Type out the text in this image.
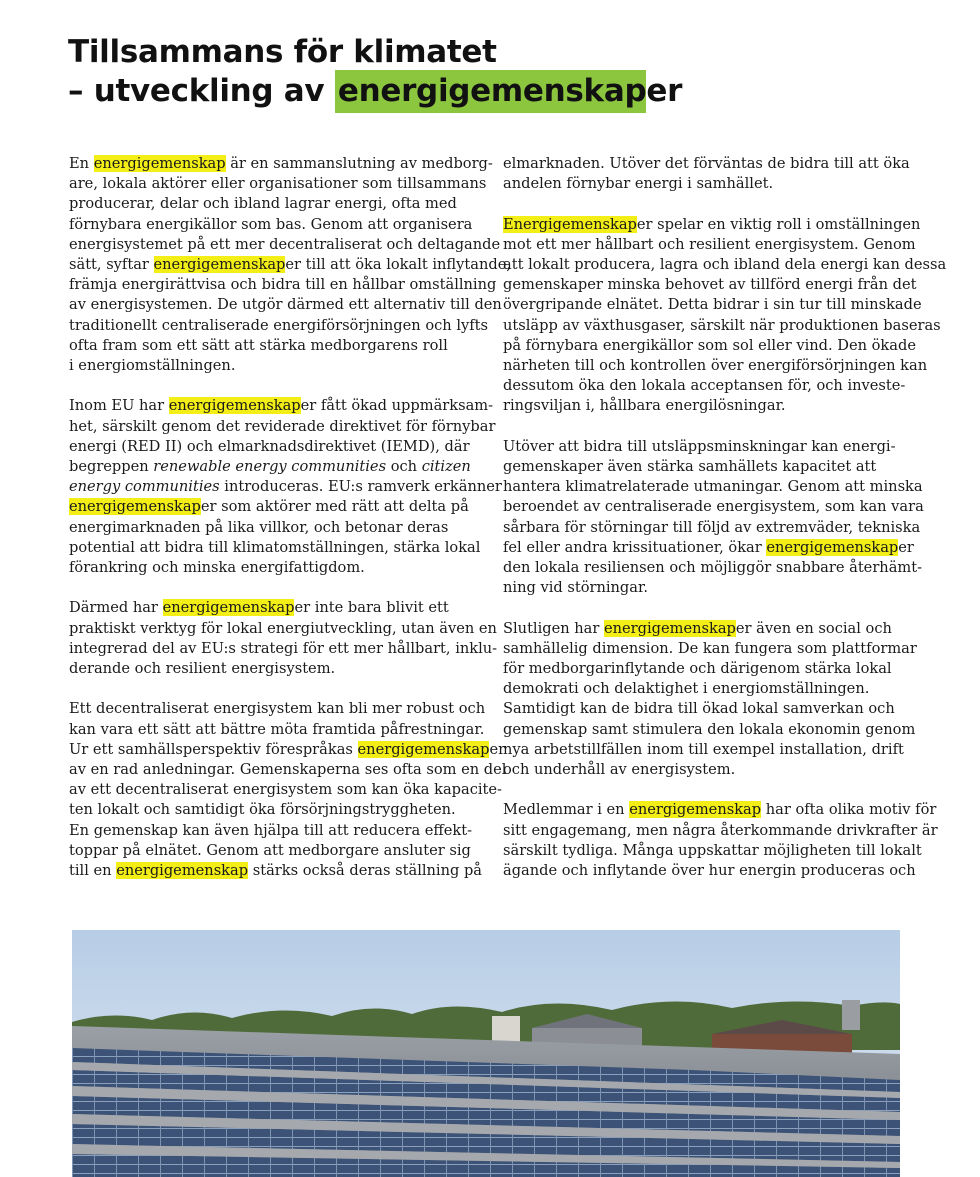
Tillsammans för klimatet
– utveckling av energigemenskaper
En energigemenskap är en sammanslutning av medborg-
are, lokala aktörer eller organisationer som tillsammans
producerar, delar och ibland lagrar energi, ofta med
förnybara energikällor som bas. Genom att organisera
energisystemet på ett mer decentraliserat och deltagande
sätt, syftar energigemenskaper till att öka lokalt inflytande,
främja energirättvisa och bidra till en hållbar omställning
av energisystemen. De utgör därmed ett alternativ till den
traditionellt centraliserade energiförsörjningen och lyfts
ofta fram som ett sätt att stärka medborgarens roll
i energiomställningen.
Inom EU har energigemenskaper fått ökad uppmärksam-
het, särskilt genom det reviderade direktivet för förnybar
energi (RED II) och elmarknadsdirektivet (IEMD), där
begreppen renewable energy communities och citizen
energy communities introduceras. EU:s ramverk erkänner
energigemenskaper som aktörer med rätt att delta på
energimarknaden på lika villkor, och betonar deras
potential att bidra till klimatomställningen, stärka lokal
förankring och minska energifattigdom.
Därmed har energigemenskaper inte bara blivit ett
praktiskt verktyg för lokal energiutveckling, utan även en
integrerad del av EU:s strategi för ett mer hållbart, inklu-
derande och resilient energisystem.
Ett decentraliserat energisystem kan bli mer robust och
kan vara ett sätt att bättre möta framtida påfrestningar.
Ur ett samhällsperspektiv förespråkas energigemenskaper
av en rad anledningar. Gemenskaperna ses ofta som en del
av ett decentraliserat energisystem som kan öka kapacite-
ten lokalt och samtidigt öka försörjningstryggheten.
En gemenskap kan även hjälpa till att reducera effekt-
toppar på elnätet. Genom att medborgare ansluter sig
till en energigemenskap stärks också deras ställning på
elmarknaden. Utöver det förväntas de bidra till att öka
andelen förnybar energi i samhället.
Energigemenskaper spelar en viktig roll i omställningen
mot ett mer hållbart och resilient energisystem. Genom
att lokalt producera, lagra och ibland dela energi kan dessa
gemenskaper minska behovet av tillförd energi från det
övergripande elnätet. Detta bidrar i sin tur till minskade
utsläpp av växthusgaser, särskilt när produktionen baseras
på förnybara energikällor som sol eller vind. Den ökade
närheten till och kontrollen över energiförsörjningen kan
dessutom öka den lokala acceptansen för, och investe-
ringsviljan i, hållbara energilösningar.
Utöver att bidra till utsläppsminskningar kan energi-
gemenskaper även stärka samhällets kapacitet att
hantera klimatrelaterade utmaningar. Genom att minska
beroendet av centraliserade energisystem, som kan vara
sårbara för störningar till följd av extremväder, tekniska
fel eller andra krissituationer, ökar energigemenskaper
den lokala resiliensen och möjliggör snabbare återhämt-
ning vid störningar.
Slutligen har energigemenskaper även en social och
samhällelig dimension. De kan fungera som plattformar
för medborgarinflytande och därigenom stärka lokal
demokrati och delaktighet i energiomställningen.
Samtidigt kan de bidra till ökad lokal samverkan och
gemenskap samt stimulera den lokala ekonomin genom
nya arbetstillfällen inom till exempel installation, drift
och underhåll av energisystem.
Medlemmar i en energigemenskap har ofta olika motiv för
sitt engagemang, men några återkommande drivkrafter är
särskilt tydliga. Många uppskattar möjligheten till lokalt
ägande och inflytande över hur energin produceras och
